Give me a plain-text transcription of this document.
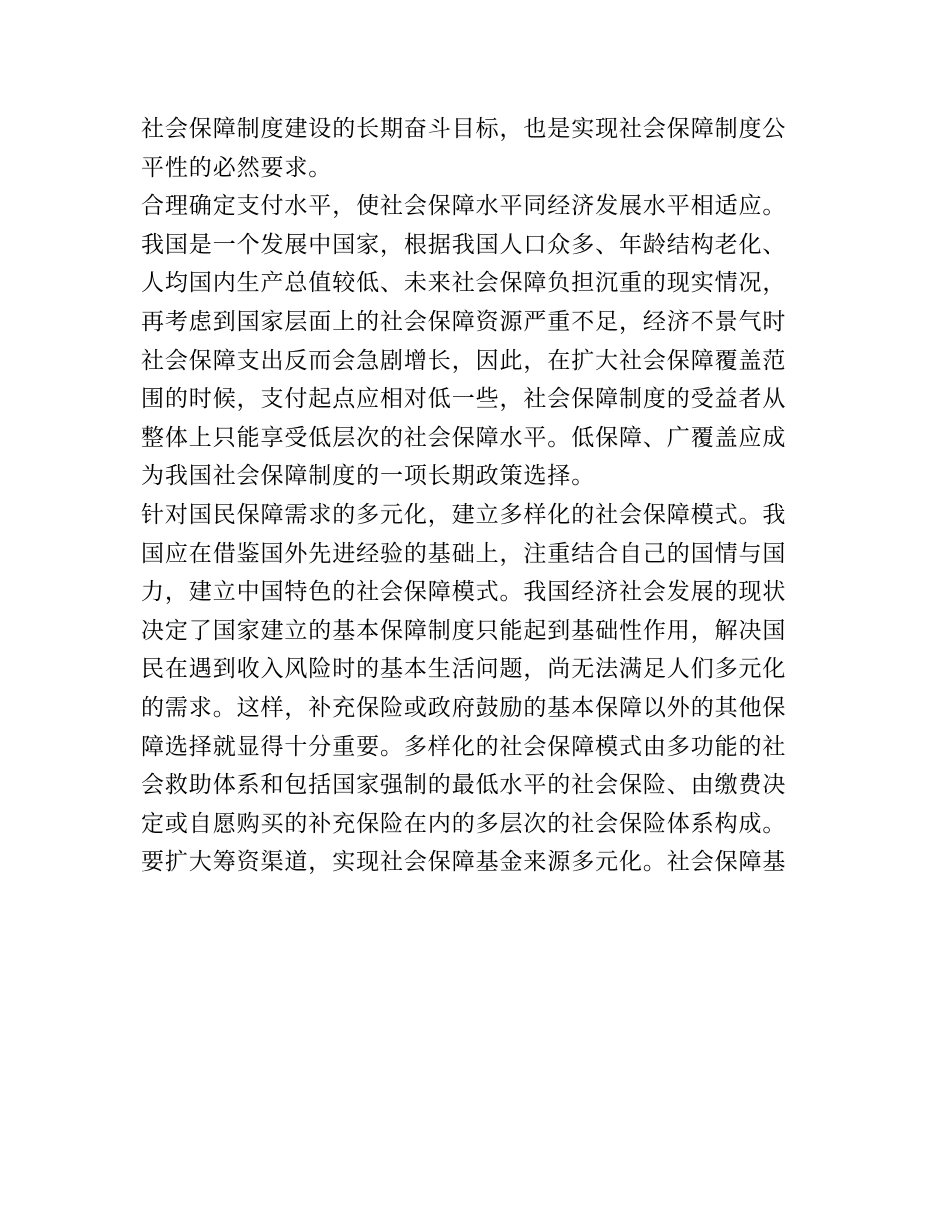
社会保障制度建设的长期奋斗目标，也是实现社会保障制度公
平性的必然要求。
合理确定支付水平，使社会保障水平同经济发展水平相适应。
我国是一个发展中国家，根据我国人口众多、年龄结构老化、
人均国内生产总值较低、未来社会保障负担沉重的现实情况，
再考虑到国家层面上的社会保障资源严重不足，经济不景气时
社会保障支出反而会急剧增长，因此，在扩大社会保障覆盖范
围的时候，支付起点应相对低一些，社会保障制度的受益者从
整体上只能享受低层次的社会保障水平。低保障、广覆盖应成
为我国社会保障制度的一项长期政策选择。
针对国民保障需求的多元化，建立多样化的社会保障模式。我
国应在借鉴国外先进经验的基础上，注重结合自己的国情与国
力，建立中国特色的社会保障模式。我国经济社会发展的现状
决定了国家建立的基本保障制度只能起到基础性作用，解决国
民在遇到收入风险时的基本生活问题，尚无法满足人们多元化
的需求。这样，补充保险或政府鼓励的基本保障以外的其他保
障选择就显得十分重要。多样化的社会保障模式由多功能的社
会救助体系和包括国家强制的最低水平的社会保险、由缴费决
定或自愿购买的补充保险在内的多层次的社会保险体系构成。
要扩大筹资渠道，实现社会保障基金来源多元化。社会保障基
